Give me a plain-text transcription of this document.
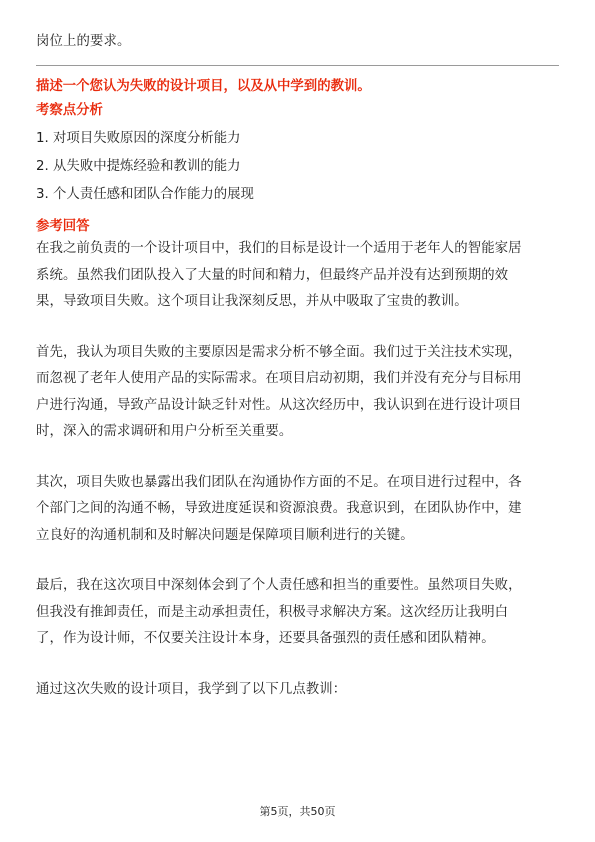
岗位上的要求。
描述一个您认为失败的设计项目，以及从中学到的教训。
考察点分析
1. 对项目失败原因的深度分析能力
2. 从失败中提炼经验和教训的能力
3. 个人责任感和团队合作能力的展现
参考回答
在我之前负责的一个设计项目中，我们的目标是设计一个适用于老年人的智能家居
系统。虽然我们团队投入了大量的时间和精力，但最终产品并没有达到预期的效
果，导致项目失败。这个项目让我深刻反思，并从中吸取了宝贵的教训。
首先，我认为项目失败的主要原因是需求分析不够全面。我们过于关注技术实现，
而忽视了老年人使用产品的实际需求。在项目启动初期，我们并没有充分与目标用
户进行沟通，导致产品设计缺乏针对性。从这次经历中，我认识到在进行设计项目
时，深入的需求调研和用户分析至关重要。
其次，项目失败也暴露出我们团队在沟通协作方面的不足。在项目进行过程中，各
个部门之间的沟通不畅，导致进度延误和资源浪费。我意识到，在团队协作中，建
立良好的沟通机制和及时解决问题是保障项目顺利进行的关键。
最后，我在这次项目中深刻体会到了个人责任感和担当的重要性。虽然项目失败，
但我没有推卸责任，而是主动承担责任，积极寻求解决方案。这次经历让我明白
了，作为设计师，不仅要关注设计本身，还要具备强烈的责任感和团队精神。
通过这次失败的设计项目，我学到了以下几点教训：
第5页，共50页
